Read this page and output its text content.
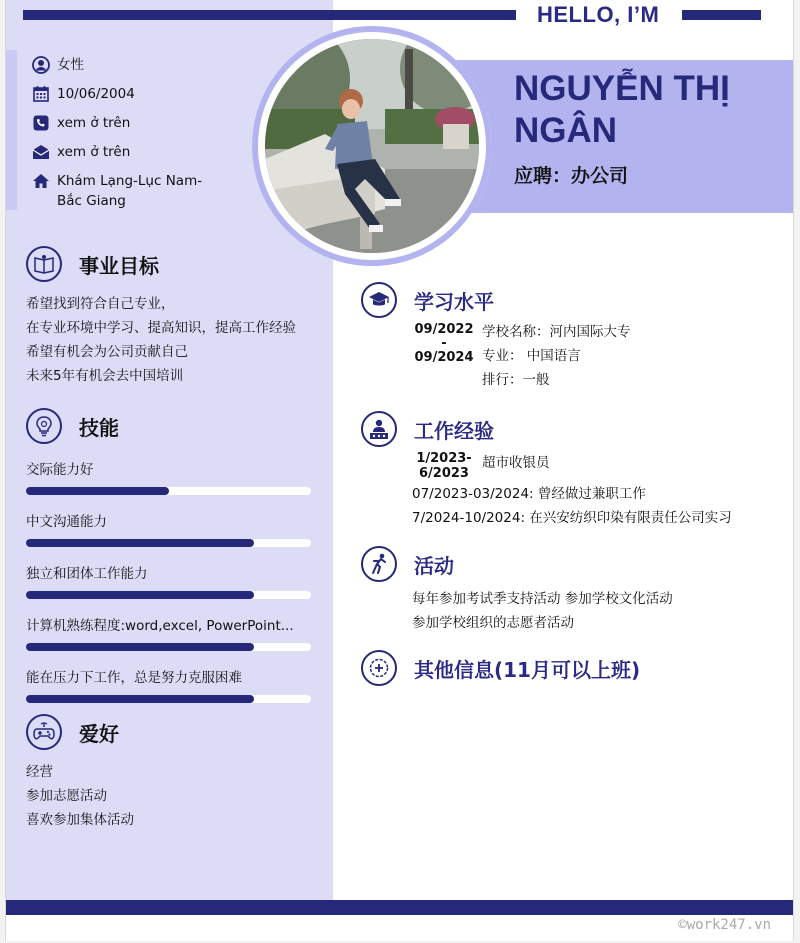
HELLO, I’M
女性
10/06/2004
xem ở trên
xem ở trên
Khám Lạng-Lục Nam-Bắc Giang
NGUYỄN THỊ NGÂN
应聘：办公司
事业目标
希望找到符合自己专业，
在专业环境中学习、提高知识，提高工作经验
希望有机会为公司贡献自己
未来5年有机会去中国培训
技能
交际能力好
中文沟通能力
独立和团体工作能力
计算机熟练程度:word,excel, PowerPoint...
能在压力下工作，总是努力克服困难
爱好
经营
参加志愿活动
喜欢参加集体活动
学习水平
09/2022
-
09/2024
学校名称：河内国际大专
专业： 中国语言
排行：一般
工作经验
1/2023-
6/2023
超市收银员
07/2023-03/2024: 曾经做过兼职工作
7/2024-10/2024: 在兴安纺织印染有限责任公司实习
活动
每年参加考试季支持活动 参加学校文化活动
参加学校组织的志愿者活动
其他信息(11月可以上班)
©work247.vn
